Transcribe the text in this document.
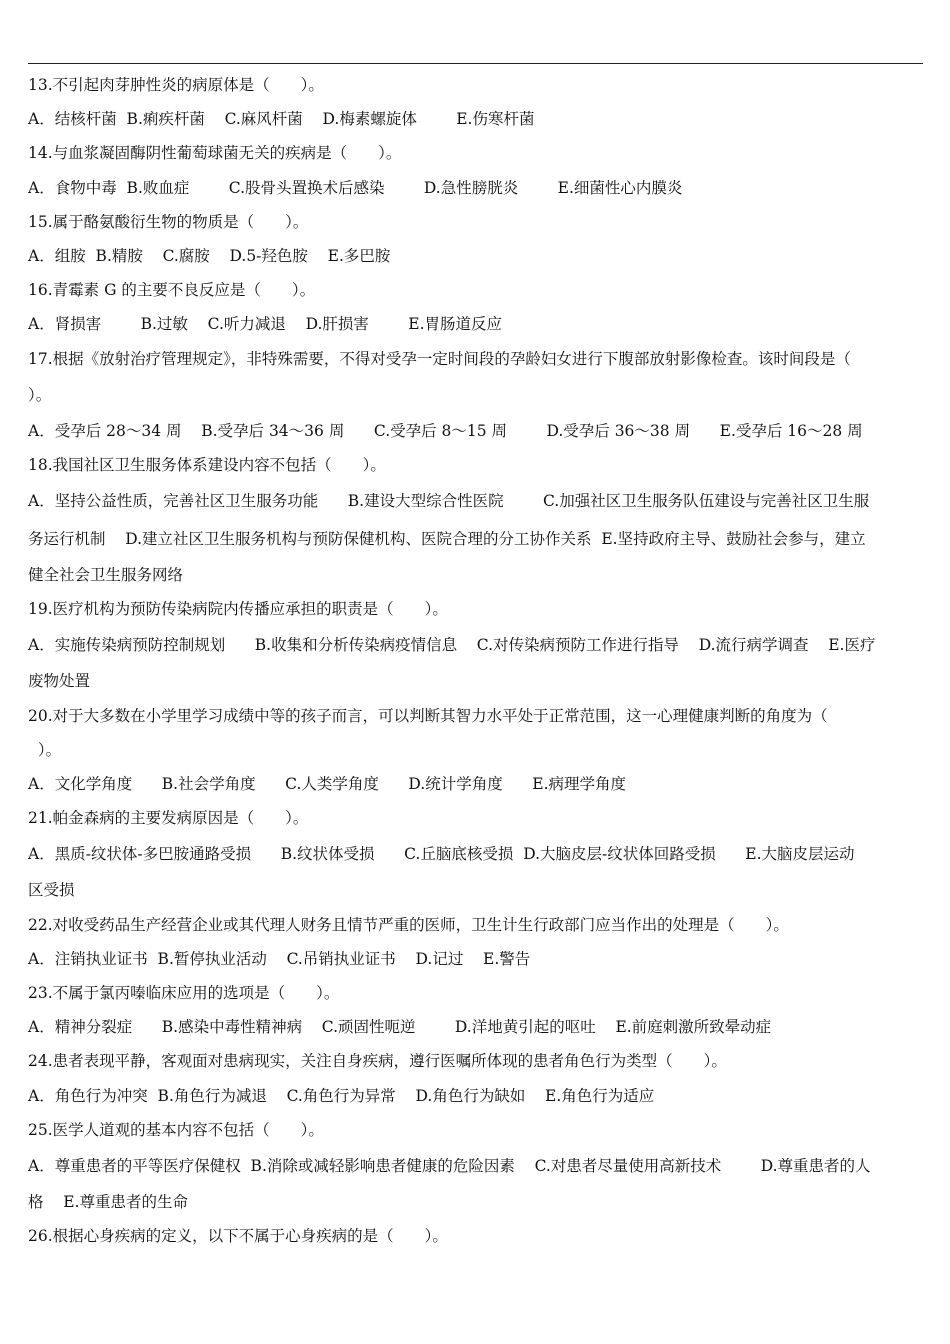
13.不引起肉芽肿性炎的病原体是（　　）。
A．结核杆菌  B.痢疾杆菌    C.麻风杆菌    D.梅素螺旋体        E.伤寒杆菌
14.与血浆凝固酶阴性葡萄球菌无关的疾病是（　　）。
A．食物中毒  B.败血症        C.股骨头置换术后感染        D.急性膀胱炎        E.细菌性心内膜炎
15.属于酪氨酸衍生物的物质是（　　）。
A．组胺  B.精胺    C.腐胺    D.5-羟色胺    E.多巴胺
16.青霉素 G 的主要不良反应是（　　）。
A．肾损害        B.过敏    C.听力减退    D.肝损害        E.胃肠道反应
17.根据《放射治疗管理规定》，非特殊需要，不得对受孕一定时间段的孕龄妇女进行下腹部放射影像检查。该时间段是（
）。
A．受孕后 28～34 周    B.受孕后 34～36 周      C.受孕后 8～15 周        D.受孕后 36～38 周      E.受孕后 16～28 周
18.我国社区卫生服务体系建设内容不包括（　　）。
A．坚持公益性质，完善社区卫生服务功能      B.建设大型综合性医院        C.加强社区卫生服务队伍建设与完善社区卫生服
务运行机制    D.建立社区卫生服务机构与预防保健机构、医院合理的分工协作关系  E.坚持政府主导、鼓励社会参与，建立
健全社会卫生服务网络
19.医疗机构为预防传染病院内传播应承担的职责是（　　）。
A．实施传染病预防控制规划      B.收集和分析传染病疫情信息    C.对传染病预防工作进行指导    D.流行病学调查    E.医疗
废物处置
20.对于大多数在小学里学习成绩中等的孩子而言，可以判断其智力水平处于正常范围，这一心理健康判断的角度为（
）。
A．文化学角度      B.社会学角度      C.人类学角度      D.统计学角度      E.病理学角度
21.帕金森病的主要发病原因是（　　）。
A．黑质-纹状体-多巴胺通路受损      B.纹状体受损      C.丘脑底核受损  D.大脑皮层-纹状体回路受损      E.大脑皮层运动
区受损
22.对收受药品生产经营企业或其代理人财务且情节严重的医师，卫生计生行政部门应当作出的处理是（　　）。
A．注销执业证书  B.暂停执业活动    C.吊销执业证书    D.记过    E.警告
23.不属于氯丙嗪临床应用的选项是（　　）。
A．精神分裂症      B.感染中毒性精神病    C.顽固性呃逆        D.洋地黄引起的呕吐    E.前庭刺激所致晕动症
24.患者表现平静，客观面对患病现实，关注自身疾病，遵行医嘱所体现的患者角色行为类型（　　）。
A．角色行为冲突  B.角色行为减退    C.角色行为异常    D.角色行为缺如    E.角色行为适应
25.医学人道观的基本内容不包括（　　）。
A．尊重患者的平等医疗保健权  B.消除或减轻影响患者健康的危险因素    C.对患者尽量使用高新技术        D.尊重患者的人
格    E.尊重患者的生命
26.根据心身疾病的定义，以下不属于心身疾病的是（　　）。
